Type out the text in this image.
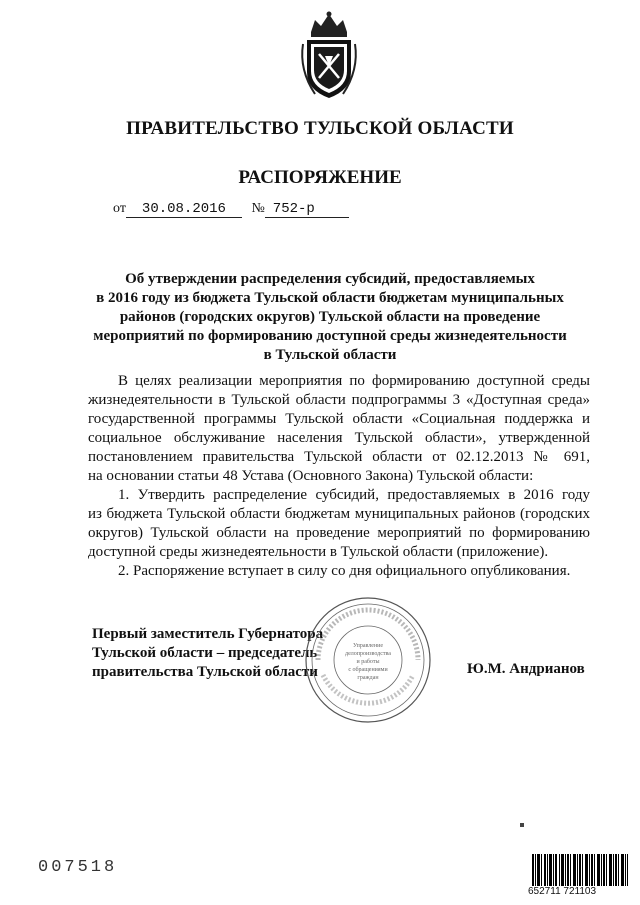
ПРАВИТЕЛЬСТВО ТУЛЬСКОЙ ОБЛАСТИ
РАСПОРЯЖЕНИЕ
от 30.08.2016 № 752-р
Об утверждении распределения субсидий, предоставляемых
в 2016 году из бюджета Тульской области бюджетам муниципальных
районов (городских округов) Тульской области на проведение
мероприятий по формированию доступной среды жизнедеятельности
в Тульской области
В целях реализации мероприятия по формированию доступной среды
жизнедеятельности в Тульской области подпрограммы 3 «Доступная среда»
государственной программы Тульской области «Социальная поддержка и
социальное обслуживание населения Тульской области», утвержденной
постановлением правительства Тульской области от 02.12.2013 № 691,
на основании статьи 48 Устава (Основного Закона) Тульской области:
1. Утвердить распределение субсидий, предоставляемых в 2016 году
из бюджета Тульской области бюджетам муниципальных районов (городских
округов) Тульской области на проведение мероприятий по формированию
доступной среды жизнедеятельности в Тульской области (приложение).
2. Распоряжение вступает в силу со дня официального опубликования.
Первый заместитель Губернатора
Тульской области – председатель
правительства Тульской области
Управление
делопроизводства
и работы
с обращениями
граждан
Ю.М. Андрианов
007518
652711 721103
